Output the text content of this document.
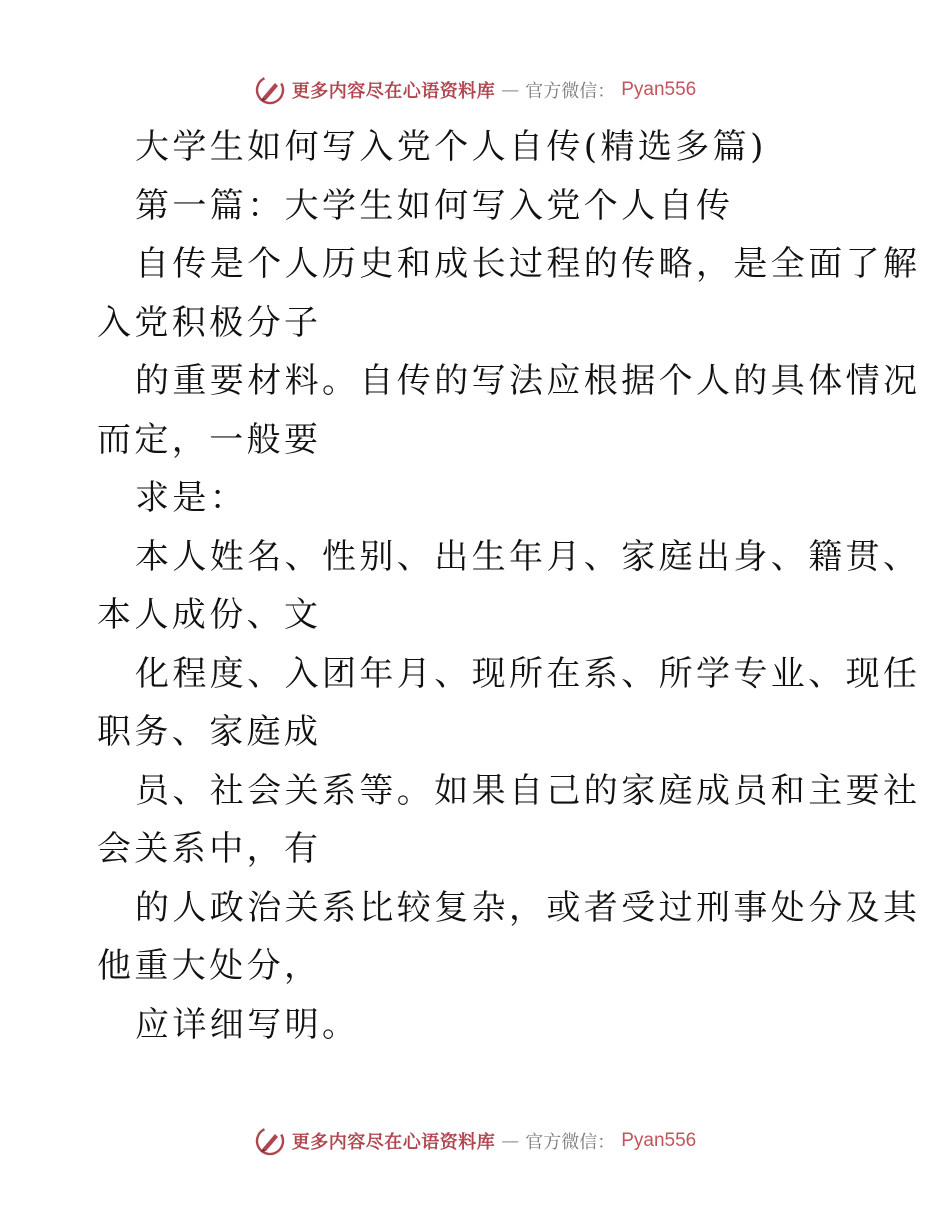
更多内容尽在心语资料库 — 官方微信： Pyan556
大学生如何写入党个人自传(精选多篇)
第一篇：大学生如何写入党个人自传
自传是个人历史和成长过程的传略，是全面了解
入党积极分子
的重要材料。自传的写法应根据个人的具体情况
而定，一般要
求是：
本人姓名、性别、出生年月、家庭出身、籍贯、
本人成份、文
化程度、入团年月、现所在系、所学专业、现任
职务、家庭成
员、社会关系等。如果自己的家庭成员和主要社
会关系中，有
的人政治关系比较复杂，或者受过刑事处分及其
他重大处分，
应详细写明。
更多内容尽在心语资料库 — 官方微信： Pyan556
